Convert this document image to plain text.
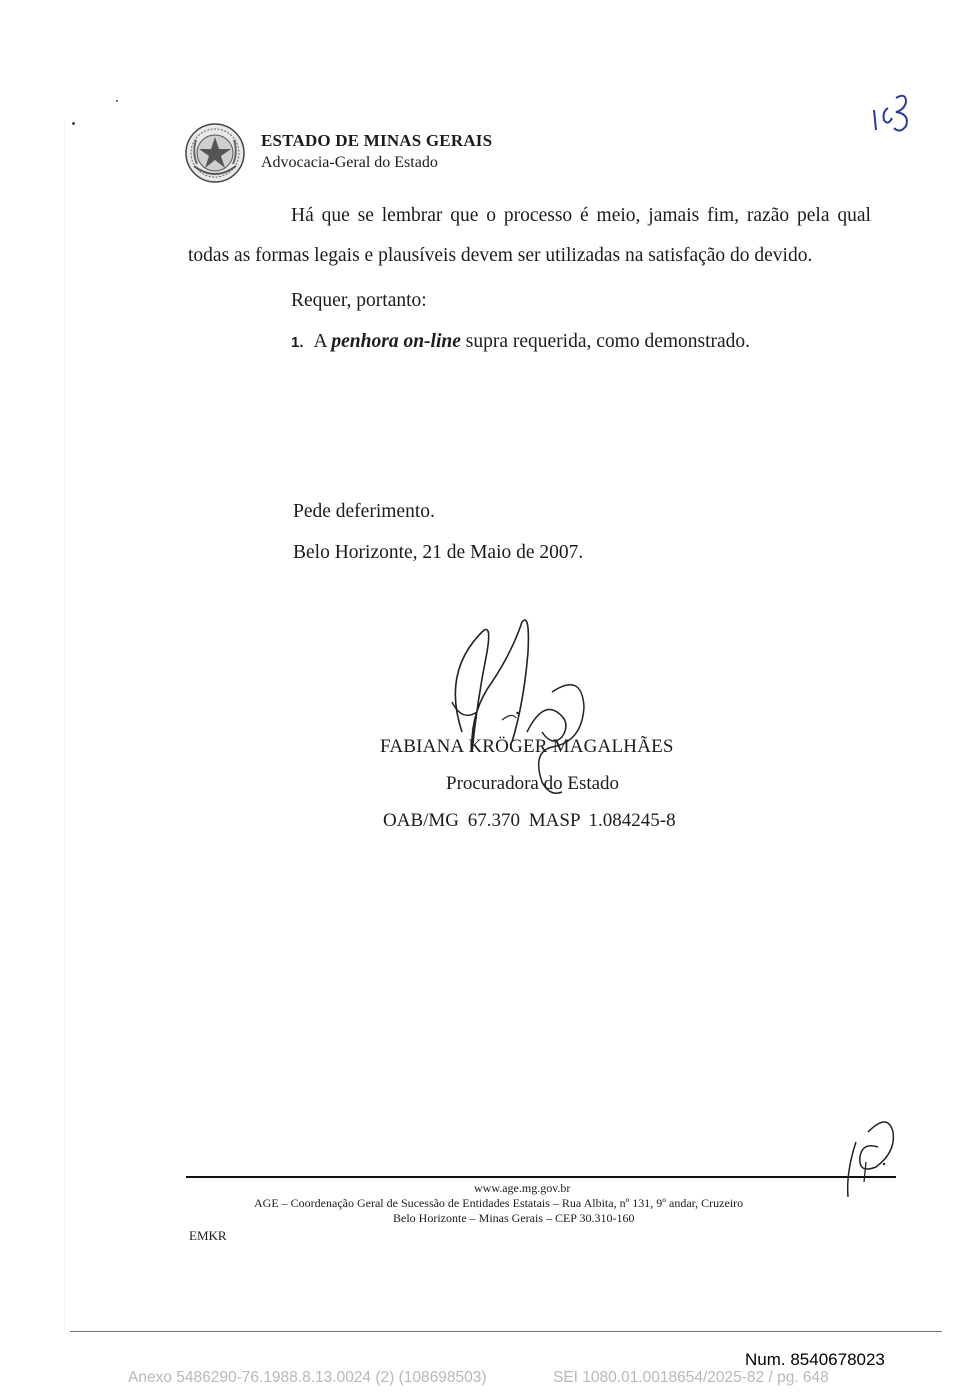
ESTADO DE MINAS GERAIS
Advocacia-Geral do Estado
Há que se lembrar que o processo é meio, jamais fim, razão pela qual
todas as formas legais e plausíveis devem ser utilizadas na satisfação do devido.
Requer, portanto:
1. A penhora on-line supra requerida, como demonstrado.
Pede deferimento.
Belo Horizonte, 21 de Maio de 2007.
FABIANA KRÖGER MAGALHÃES
Procuradora do Estado
OAB/MG 67.370 MASP 1.084245-8
www.age.mg.gov.br
AGE – Coordenação Geral de Sucessão de Entidades Estatais – Rua Albita, nº 131, 9º andar, Cruzeiro
Belo Horizonte – Minas Gerais – CEP 30.310-160
EMKR
Num. 8540678023
Anexo 5486290-76.1988.8.13.0024 (2) (108698503)	SEI 1080.01.0018654/2025-82 / pg. 648
